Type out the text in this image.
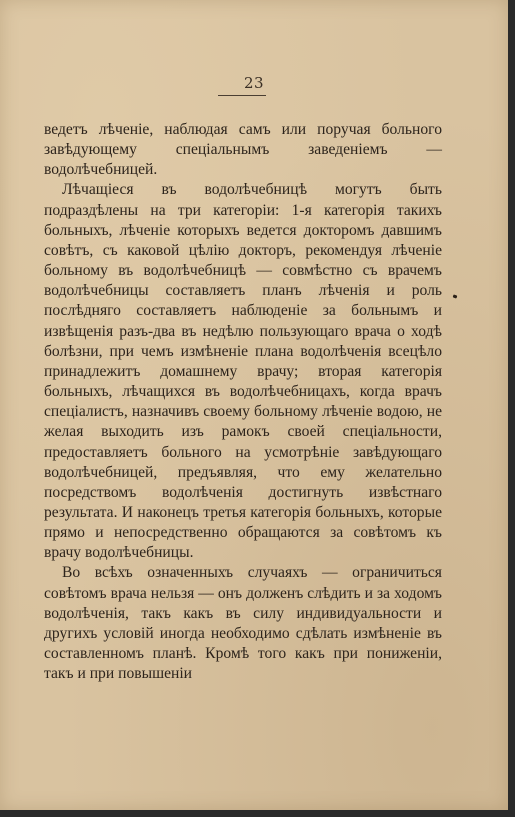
23

ведетъ лѣченіе, наблюдая самъ или поручая больного завѣдующему спеціальнымъ заведеніемъ — водолѣчебницей.

Лѣчащіеся въ водолѣчебницѣ могутъ быть подраздѣлены на три категоріи: 1-я категорія такихъ больныхъ, лѣченіе которыхъ ведется докторомъ давшимъ совѣтъ, съ каковой цѣлію докторъ, рекомендуя лѣченіе больному въ водолѣчебницѣ — совмѣстно съ врачемъ водолѣчебницы составляетъ планъ лѣченія и роль послѣдняго составляетъ наблюденіе за больнымъ и извѣщенія разъ-два въ недѣлю пользующаго врача о ходѣ болѣзни, при чемъ измѣненіе плана водолѣченія всецѣло принадлежитъ домашнему врачу; вторая категорія больныхъ, лѣчащихся въ водолѣчебницахъ, когда врачъ спеціалистъ, назначивъ своему больному лѣченіе водою, не желая выходить изъ рамокъ своей спеціальности, предоставляетъ больного на усмотрѣніе завѣдующаго водолѣчебницей, предъявляя, что ему желательно посредствомъ водолѣченія достигнуть извѣстнаго результата. И наконецъ третья категорія больныхъ, которые прямо и непосредственно обращаются за совѣтомъ къ врачу водолѣчебницы.

Во всѣхъ означенныхъ случаяхъ — ограничиться совѣтомъ врача нельзя — онъ долженъ слѣдить и за ходомъ водолѣченія, такъ какъ въ силу индивидуальности и другихъ условій иногда необходимо сдѣлать измѣненіе въ составленномъ планѣ. Кромѣ того какъ при пониженіи, такъ и при повышеніи
